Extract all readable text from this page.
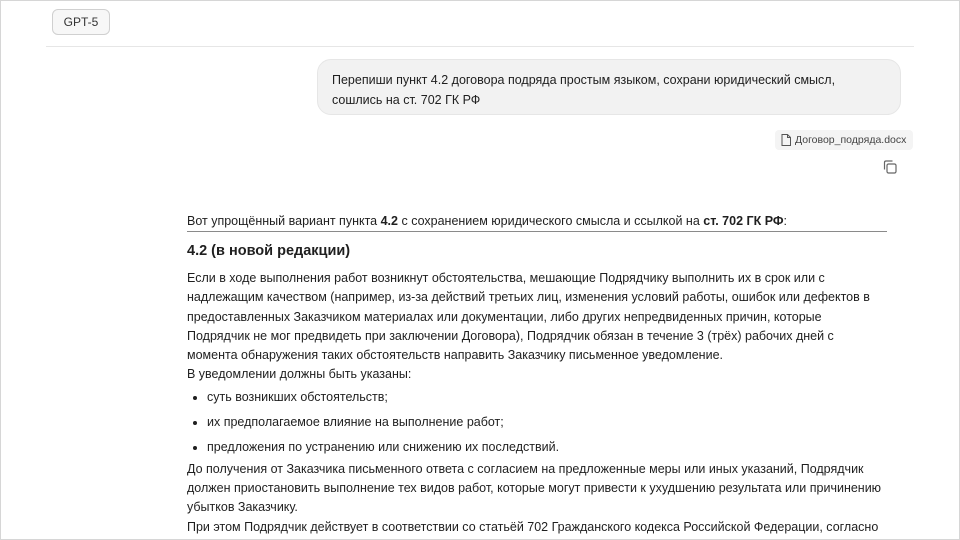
GPT-5
Перепиши пункт 4.2 договора подряда простым языком, сохрани юридический смысл, сошлись на ст. 702 ГК РФ
Договор_подряда.docx
Вот упрощённый вариант пункта 4.2 с сохранением юридического смысла и ссылкой на ст. 702 ГК РФ:
4.2 (в новой редакции)
Если в ходе выполнения работ возникнут обстоятельства, мешающие Подрядчику выполнить их в срок или с надлежащим качеством (например, из-за действий третьих лиц, изменения условий работы, ошибок или дефектов в предоставленных Заказчиком материалах или документации, либо других непредвиденных причин, которые Подрядчик не мог предвидеть при заключении Договора), Подрядчик обязан в течение 3 (трёх) рабочих дней с момента обнаружения таких обстоятельств направить Заказчику письменное уведомление.
В уведомлении должны быть указаны:
• суть возникших обстоятельств;
• их предполагаемое влияние на выполнение работ;
• предложения по устранению или снижению их последствий.
До получения от Заказчика письменного ответа с согласием на предложенные меры или иных указаний, Подрядчик должен приостановить выполнение тех видов работ, которые могут привести к ухудшению результата или причинению убытков Заказчику.
При этом Подрядчик действует в соответствии со статьёй 702 Гражданского кодекса Российской Федерации, согласно
